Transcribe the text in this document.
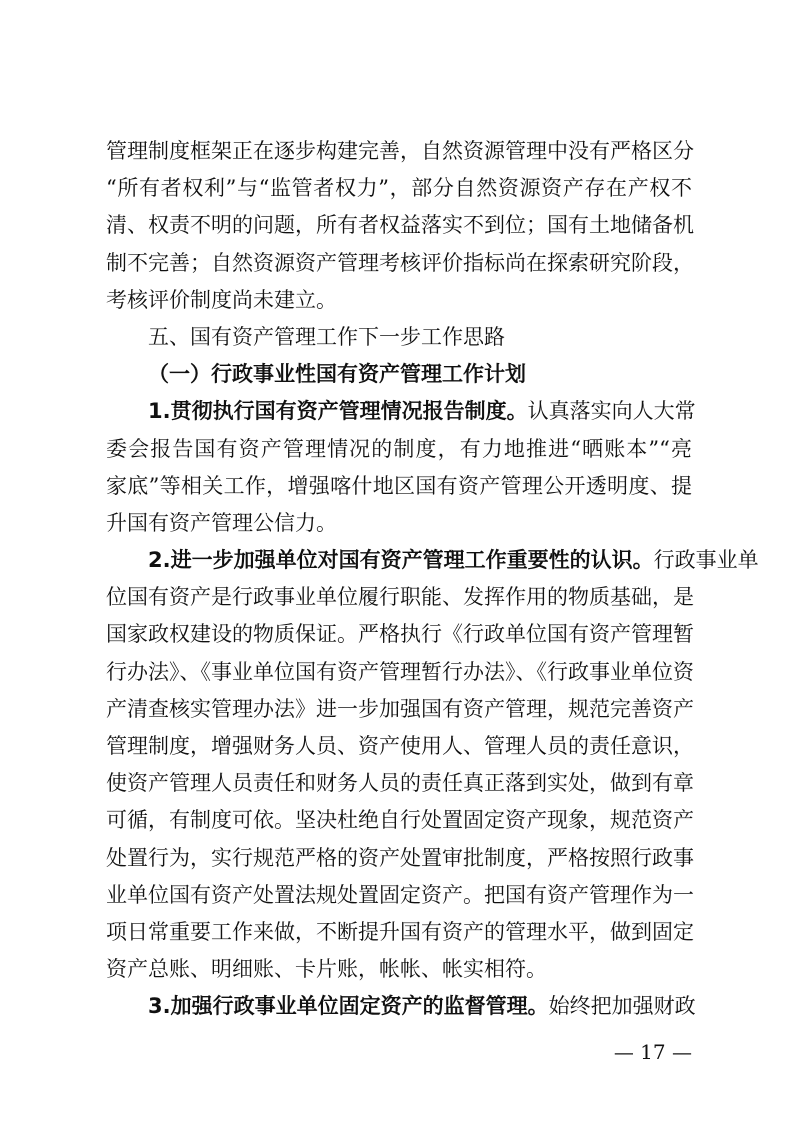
管理制度框架正在逐步构建完善，自然资源管理中没有严格区分
“所有者权利”与“监管者权力”，部分自然资源资产存在产权不
清、权责不明的问题，所有者权益落实不到位；国有土地储备机
制不完善；自然资源资产管理考核评价指标尚在探索研究阶段，
考核评价制度尚未建立。
五、国有资产管理工作下一步工作思路
（一）行政事业性国有资产管理工作计划
1.贯彻执行国有资产管理情况报告制度。认真落实向人大常
委会报告国有资产管理情况的制度，有力地推进“晒账本”“亮
家底”等相关工作，增强喀什地区国有资产管理公开透明度、提
升国有资产管理公信力。
2.进一步加强单位对国有资产管理工作重要性的认识。行政事业单
位国有资产是行政事业单位履行职能、发挥作用的物质基础，是
国家政权建设的物质保证。严格执行《行政单位国有资产管理暂
行办法》、《事业单位国有资产管理暂行办法》、《行政事业单位资
产清查核实管理办法》进一步加强国有资产管理，规范完善资产
管理制度，增强财务人员、资产使用人、管理人员的责任意识，
使资产管理人员责任和财务人员的责任真正落到实处，做到有章
可循，有制度可依。坚决杜绝自行处置固定资产现象，规范资产
处置行为，实行规范严格的资产处置审批制度，严格按照行政事
业单位国有资产处置法规处置固定资产。把国有资产管理作为一
项日常重要工作来做，不断提升国有资产的管理水平，做到固定
资产总账、明细账、卡片账，帐帐、帐实相符。
3.加强行政事业单位固定资产的监督管理。始终把加强财政
— 17 —
